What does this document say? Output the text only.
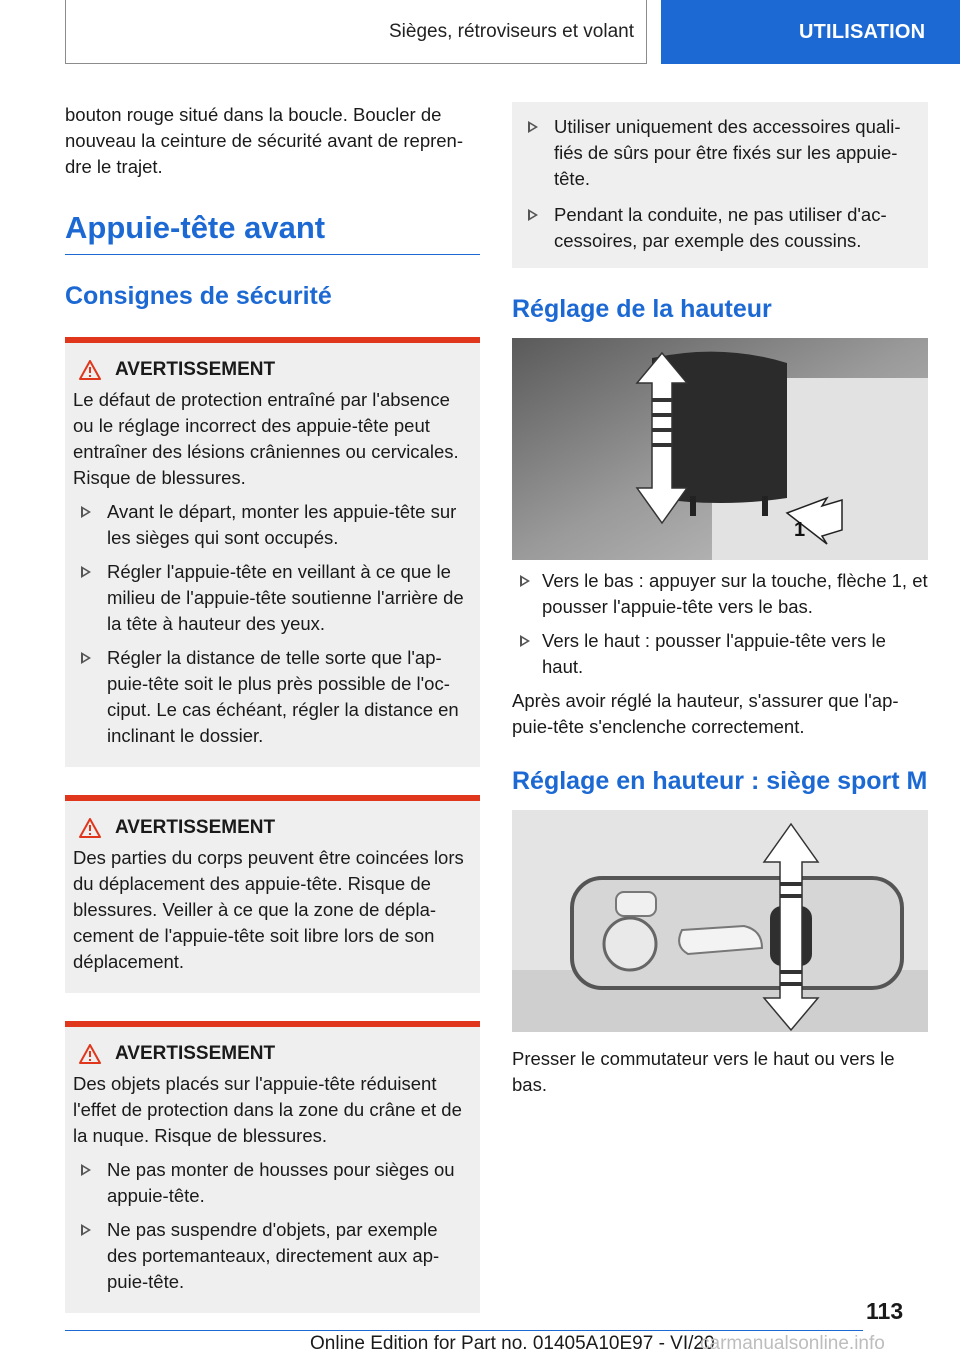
Sièges, rétroviseurs et volant	UTILISATION

bouton rouge situé dans la boucle. Boucler de nouveau la ceinture de sécurité avant de repren-dre le trajet.

Appuie-tête avant
Consignes de sécurité
AVERTISSEMENT

Le défaut de protection entraîné par l'absence ou le réglage incorrect des appuie-tête peut entraîner des lésions crâniennes ou cervicales. Risque de blessures.

Avant le départ, monter les appuie-tête sur les sièges qui sont occupés.
Régler l'appuie-tête en veillant à ce que le milieu de l'appuie-tête soutienne l'arrière de la tête à hauteur des yeux.
Régler la distance de telle sorte que l'ap-puie-tête soit le plus près possible de l'oc-ciput. Le cas échéant, régler la distance en inclinant le dossier.
AVERTISSEMENT

Des parties du corps peuvent être coincées lors du déplacement des appuie-tête. Risque de blessures. Veiller à ce que la zone de dépla-cement de l'appuie-tête soit libre lors de son déplacement.

AVERTISSEMENT

Des objets placés sur l'appuie-tête réduisent l'effet de protection dans la zone du crâne et de la nuque. Risque de blessures.

Ne pas monter de housses pour sièges ou appuie-tête.
Ne pas suspendre d'objets, par exemple des portemanteaux, directement aux ap-puie-tête.
Utiliser uniquement des accessoires quali-fiés de sûrs pour être fixés sur les appuie-tête.
Pendant la conduite, ne pas utiliser d'ac-cessoires, par exemple des coussins.
Réglage de la hauteur
1
Vers le bas : appuyer sur la touche, flèche 1, et pousser l'appuie-tête vers le bas.
Vers le haut : pousser l'appuie-tête vers le haut.

Après avoir réglé la hauteur, s'assurer que l'ap-puie-tête s'enclenche correctement.

Réglage en hauteur : siège sport M

Presser le commutateur vers le haut ou vers le bas.

113
Online Edition for Part no. 01405A10E97 - VI/20
carmanualsonline.info
